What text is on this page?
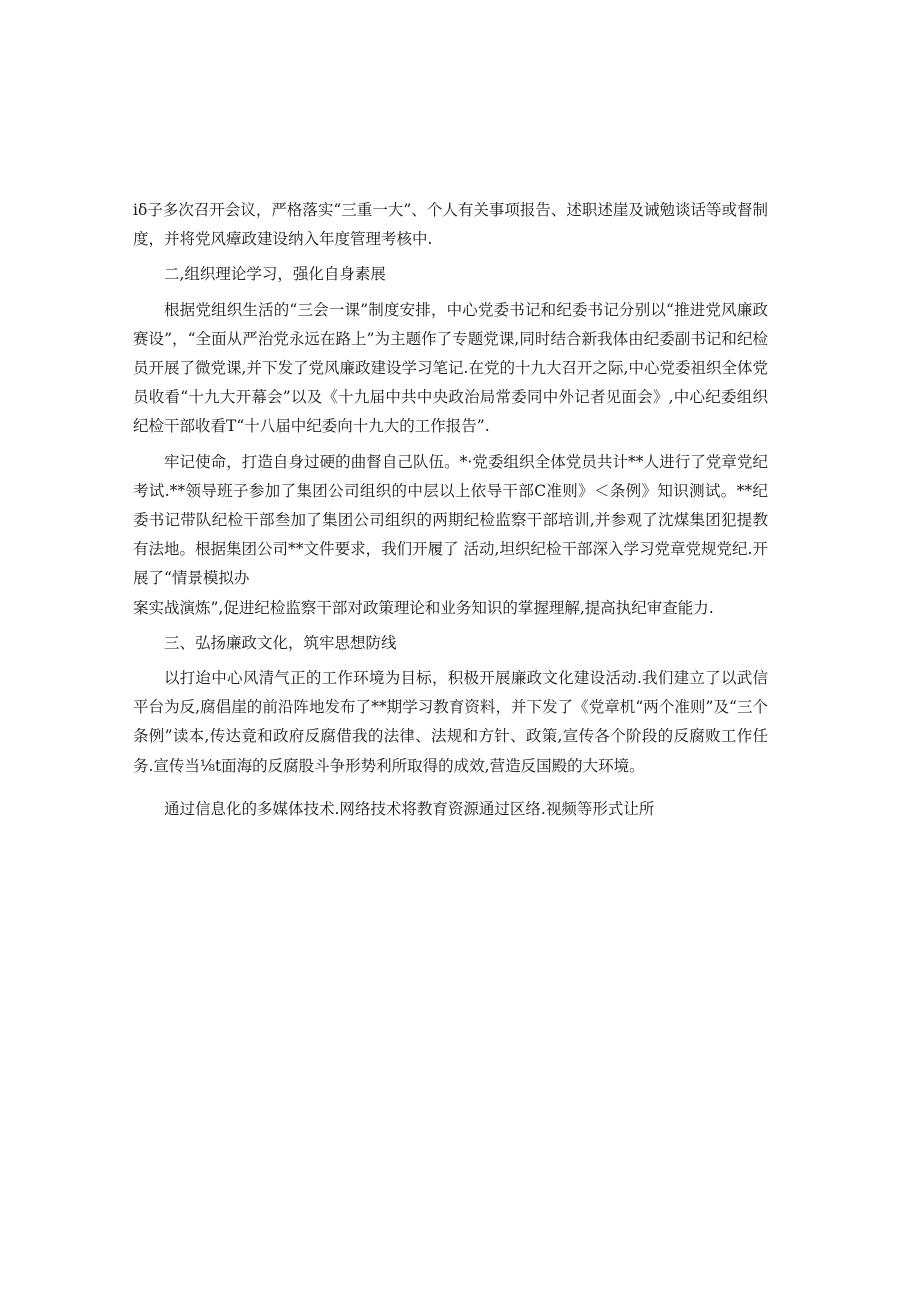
iδ子多次召开会议，严格落实“三重一大”、个人有关事项报告、述职述崖及诫勉谈话等或督制度，并将党风瘴政建设纳入年度管理考核中.

二,组织理论学习，强化自身素展

根据党组织生活的“三会一课”制度安排，中心党委书记和纪委书记分别以“推进党风廉政赛设”，“全面从严治党永远在路上”为主题作了专题党课,同时结合新我体由纪委副书记和纪检员开展了微党课,并下发了党风廉政建设学习笔记.在党的十九大召开之际,中心党委祖织全体党员收看“十九大开幕会”以及《十九届中共中央政治局常委同中外记者见面会》,中心纪委组织纪检干部收看T“十八届中纪委向十九大的工作报告”.

牢记使命，打造自身过硬的曲督自己队伍。*·党委组织全体党员共计**人进行了党章党纪考试.**领导班子参加了集团公司组织的中层以上依导干部C准则》＜条例》知识测试。**纪委书记带队纪检干部叁加了集团公司组织的两期纪检监察干部培训,并参观了沈煤集团犯提教有法地。根据集团公司**文件要求，我们开履了 活动,坦织纪检干部深入学习党章党规党纪.开展了“情景模拟办

案实战演炼”,促进纪检监察干部对政策理论和业务知识的掌握理解,提高执纪审查能力.

三、弘扬廉政文化，筑牢思想防线

以打迨中心风清气正的工作环境为目标，积极开展廉政文化建设活动.我们建立了以武信平台为反,腐倡崖的前沿阵地发布了**期学习教育资料，并下发了《党章机“两个准则”及“三个条例”读本,传达竟和政府反腐借我的法律、法规和方针、政策,宣传各个阶段的反腐败工作任务.宣传当⅛t面海的反腐股斗争形势利所取得的成效,营造反国殿的大环境。

通过信息化的多媒体技术.网络技术将教育资源通过区络.视频等形式让所
